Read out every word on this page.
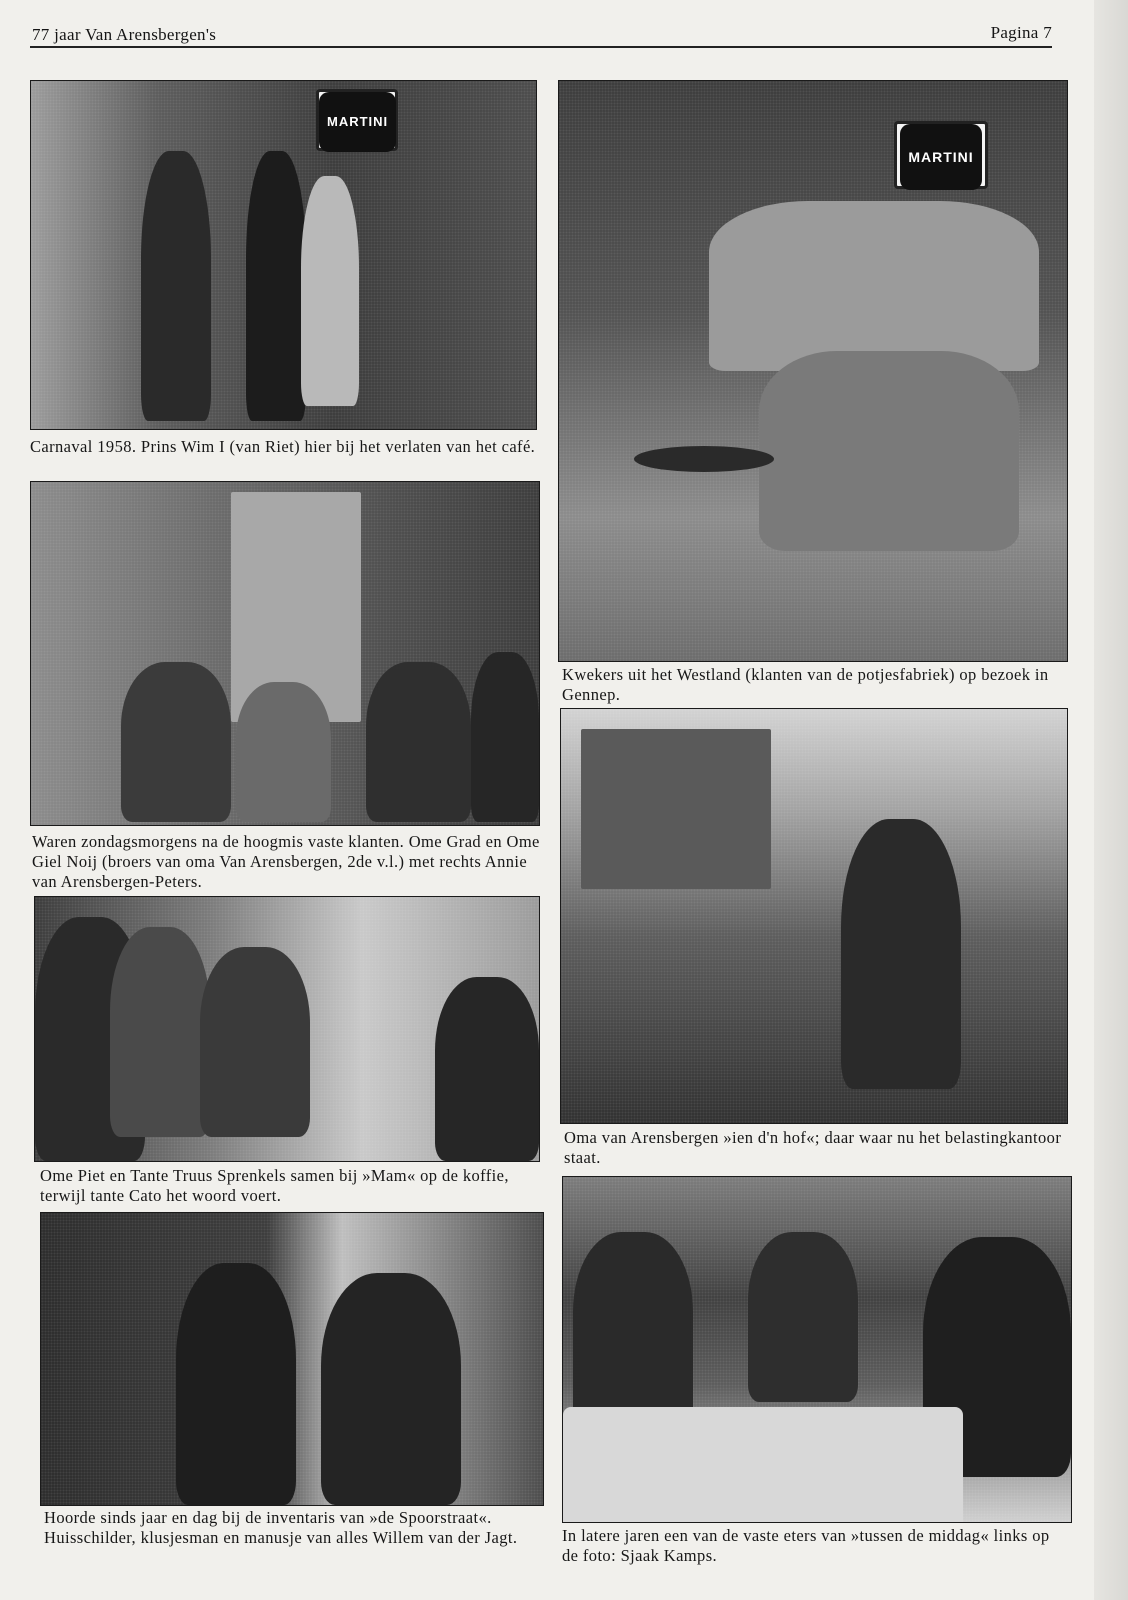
77 jaar Van Arensbergen's	Pagina 7
MARTINI
Carnaval 1958. Prins Wim I (van Riet) hier bij het verlaten van het café.
MARTINI
Kwekers uit het Westland (klanten van de potjesfabriek) op bezoek in Gennep.
Waren zondagsmorgens na de hoogmis vaste klanten. Ome Grad en Ome Giel Noij (broers van oma Van Arensbergen, 2de v.l.) met rechts Annie van Arensbergen-Peters.
Oma van Arensbergen »ien d'n hof«; daar waar nu het belastingkantoor staat.
Ome Piet en Tante Truus Sprenkels samen bij »Mam« op de koffie, terwijl tante Cato het woord voert.
Hoorde sinds jaar en dag bij de inventaris van »de Spoorstraat«. Huisschilder, klusjesman en manusje van alles Willem van der Jagt.	In latere jaren een van de vaste eters van »tussen de middag« links op de foto: Sjaak Kamps.
